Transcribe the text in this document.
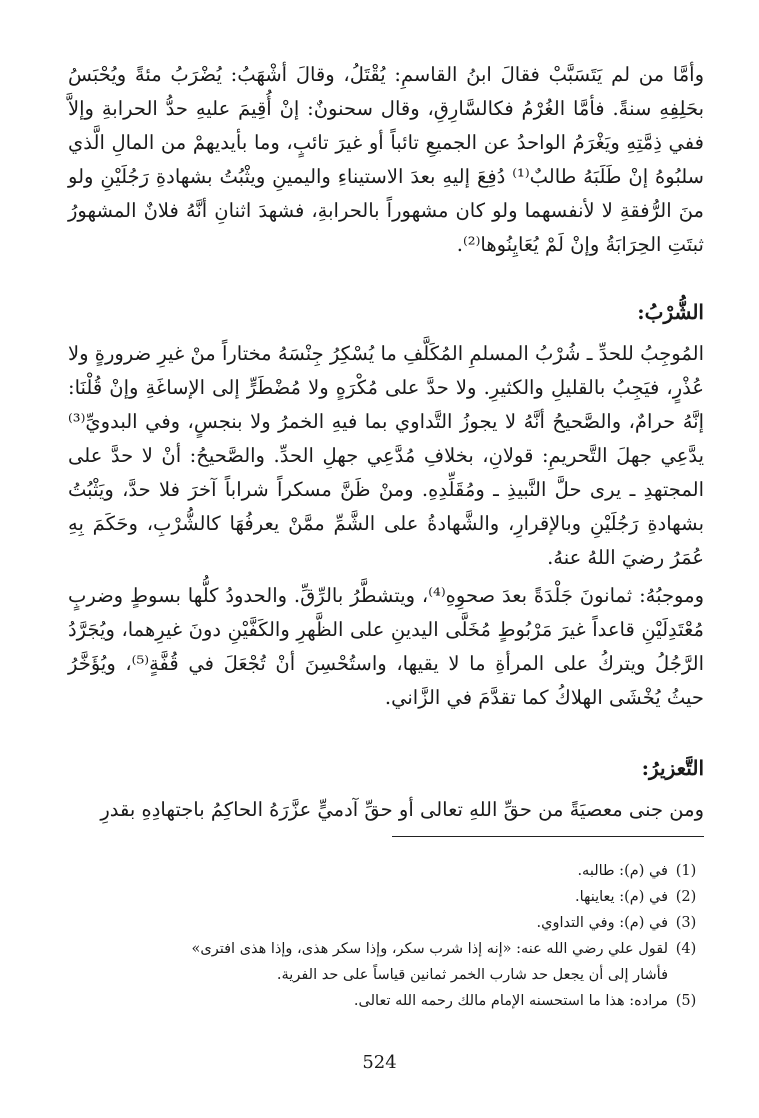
وأمَّا من لم يَتَسَبَّبْ فقالَ ابنُ القاسمِ: يُقْتَلُ، وقالَ أشْهَبُ: يُضْرَبُ مئةً ويُحْبَسُ بحَلِفِهِ سنةً. فأمَّا الغُرْمُ فكالسَّارِقِ، وقال سحنونٌ: إنْ أُقِيمَ عليهِ حدُّ الحرابةِ وإلاَّ ففي ذِمَّتِهِ ويَغْرَمُ الواحدُ عن الجميعِ تائباً أو غيرَ تائبٍ، وما بأيديهمْ من المالِ الَّذي سلبُوهُ إنْ طَلَبَهُ طالبٌ⁽¹⁾ دُفِعَ إليهِ بعدَ الاستيناءِ واليمينِ ويثْبُتُ بشهادةِ رَجُلَيْنِ ولو منَ الرُّفقةِ لا لأنفسهما ولو كان مشهوراً بالحرابةِ، فشهدَ اثنانِ أنَّهُ فلانٌ المشهورُ ثبتَتِ الحِرَابَةُ وإنْ لَمْ يُعَايِنُوها⁽²⁾.

الشُّرْبُ:

المُوجِبُ للحدِّ ـ شُرْبُ المسلمِ المُكَلَّفِ ما يُسْكِرُ جِنْسَهُ مختاراً منْ غيرِ ضرورةٍ ولا عُذْرٍ، فيَجِبُ بالقليلِ والكثيرِ. ولا حدَّ على مُكْرَهٍ ولا مُضْطَرٍّ إلى الإساغَةِ وإنْ قُلْنَا: إنَّهُ حرامٌ، والصَّحيحُ أنَّهُ لا يجوزُ التَّداوي بما فيهِ الخمرُ ولا بنجسٍ، وفي البدويِّ⁽³⁾ يدَّعِي جهلَ التَّحريمِ: قولانِ، بخلافِ مُدَّعِي جهلِ الحدِّ. والصَّحيحُ: أنْ لا حدَّ على المجتهدِ ـ يرى حلَّ النَّبيذِ ـ ومُقَلِّدِهِ. ومنْ ظَنَّ مسكراً شراباً آخرَ فلا حدَّ، ويَثْبُتُ بشهادةِ رَجُلَيْنِ وبالإقرارِ، والشَّهادةُ على الشَّمِّ ممَّنْ يعرفُهَا كالشُّرْبِ، وحَكَمَ بِهِ عُمَرُ رضيَ اللهُ عنهُ.

وموجبُهُ: ثمانونَ جَلْدَةً بعدَ صحوِهِ⁽⁴⁾، ويتشطَّرُ بالرِّقِّ. والحدودُ كلُّها بسوطٍ وضربٍ مُعْتَدِلَيْنِ قاعداً غيرَ مَرْبُوطٍ مُخَلَّى اليدينِ على الظَّهرِ والكَفَّيْنِ دونَ غيرِهما، ويُجَرَّدُ الرَّجُلُ ويتركُ على المرأةِ ما لا يقيها، واستُحْسِنَ أنْ تُجْعَلَ في قُفَّةٍ⁽⁵⁾، ويُؤَخَّرُ حيثُ يُخْشَى الهلاكُ كما تقدَّمَ في الزَّاني.

التَّعزيرُ:

ومن جنى معصيَةً من حقِّ اللهِ تعالى أو حقِّ آدميٍّ عزَّرَهُ الحاكِمُ باجتهادِهِ بقدرِ

(1)
في (م): طالبه.
(2)
في (م): يعاينها.
(3)
في (م): وفي التداوي.
(4)
لقول علي رضي الله عنه: «إنه إذا شرب سكر، وإذا سكر هذى، وإذا هذى افترى»
فأشار إلى أن يجعل حد شارب الخمر ثمانين قياساً على حد الفرية.
(5)
مراده: هذا ما استحسنه الإمام مالك رحمه الله تعالى.
524
